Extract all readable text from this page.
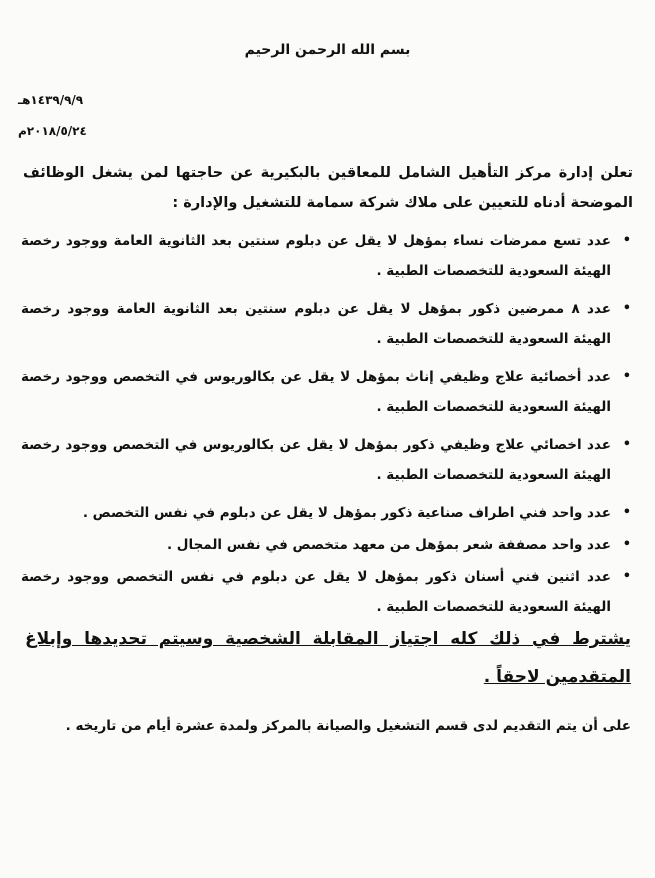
بسم الله الرحمن الرحيم
١٤٣٩/٩/٩هـ
٢٠١٨/٥/٢٤م
تعلن إدارة مركز التأهيل الشامل للمعاقين بالبكيرية عن حاجتها لمن يشغل الوظائف الموضحة أدناه للتعيين على ملاك شركة سمامة للتشغيل والإدارة :
•
عدد تسع ممرضات نساء بمؤهل لا يقل عن دبلوم سنتين بعد الثانوية العامة ووجود رخصة الهيئة السعودية للتخصصات الطبية .
•
عدد ٨ ممرضين ذكور بمؤهل لا يقل عن دبلوم سنتين بعد الثانوية العامة ووجود رخصة الهيئة السعودية للتخصصات الطبية .
•
عدد أخصائية علاج وظيفي إناث بمؤهل لا يقل عن بكالوريوس في التخصص ووجود رخصة الهيئة السعودية للتخصصات الطبية .
•
عدد اخصائي علاج وظيفي ذكور بمؤهل لا يقل عن بكالوريوس في التخصص ووجود رخصة الهيئة السعودية للتخصصات الطبية .
•
عدد واحد فني اطراف صناعية ذكور بمؤهل لا يقل عن دبلوم في نفس التخصص .
•
عدد واحد مصففة شعر بمؤهل من معهد متخصص في نفس المجال .
•
عدد اثنين فني أسنان ذكور بمؤهل لا يقل عن دبلوم في نفس التخصص ووجود رخصة الهيئة السعودية للتخصصات الطبية .
يشترط في ذلك كله اجتياز المقابلة الشخصية وسيتم تحديدها وإبلاغ المتقدمين لاحقاً .
على أن يتم التقديم لدى قسم التشغيل والصيانة بالمركز ولمدة عشرة أيام من تاريخه .
